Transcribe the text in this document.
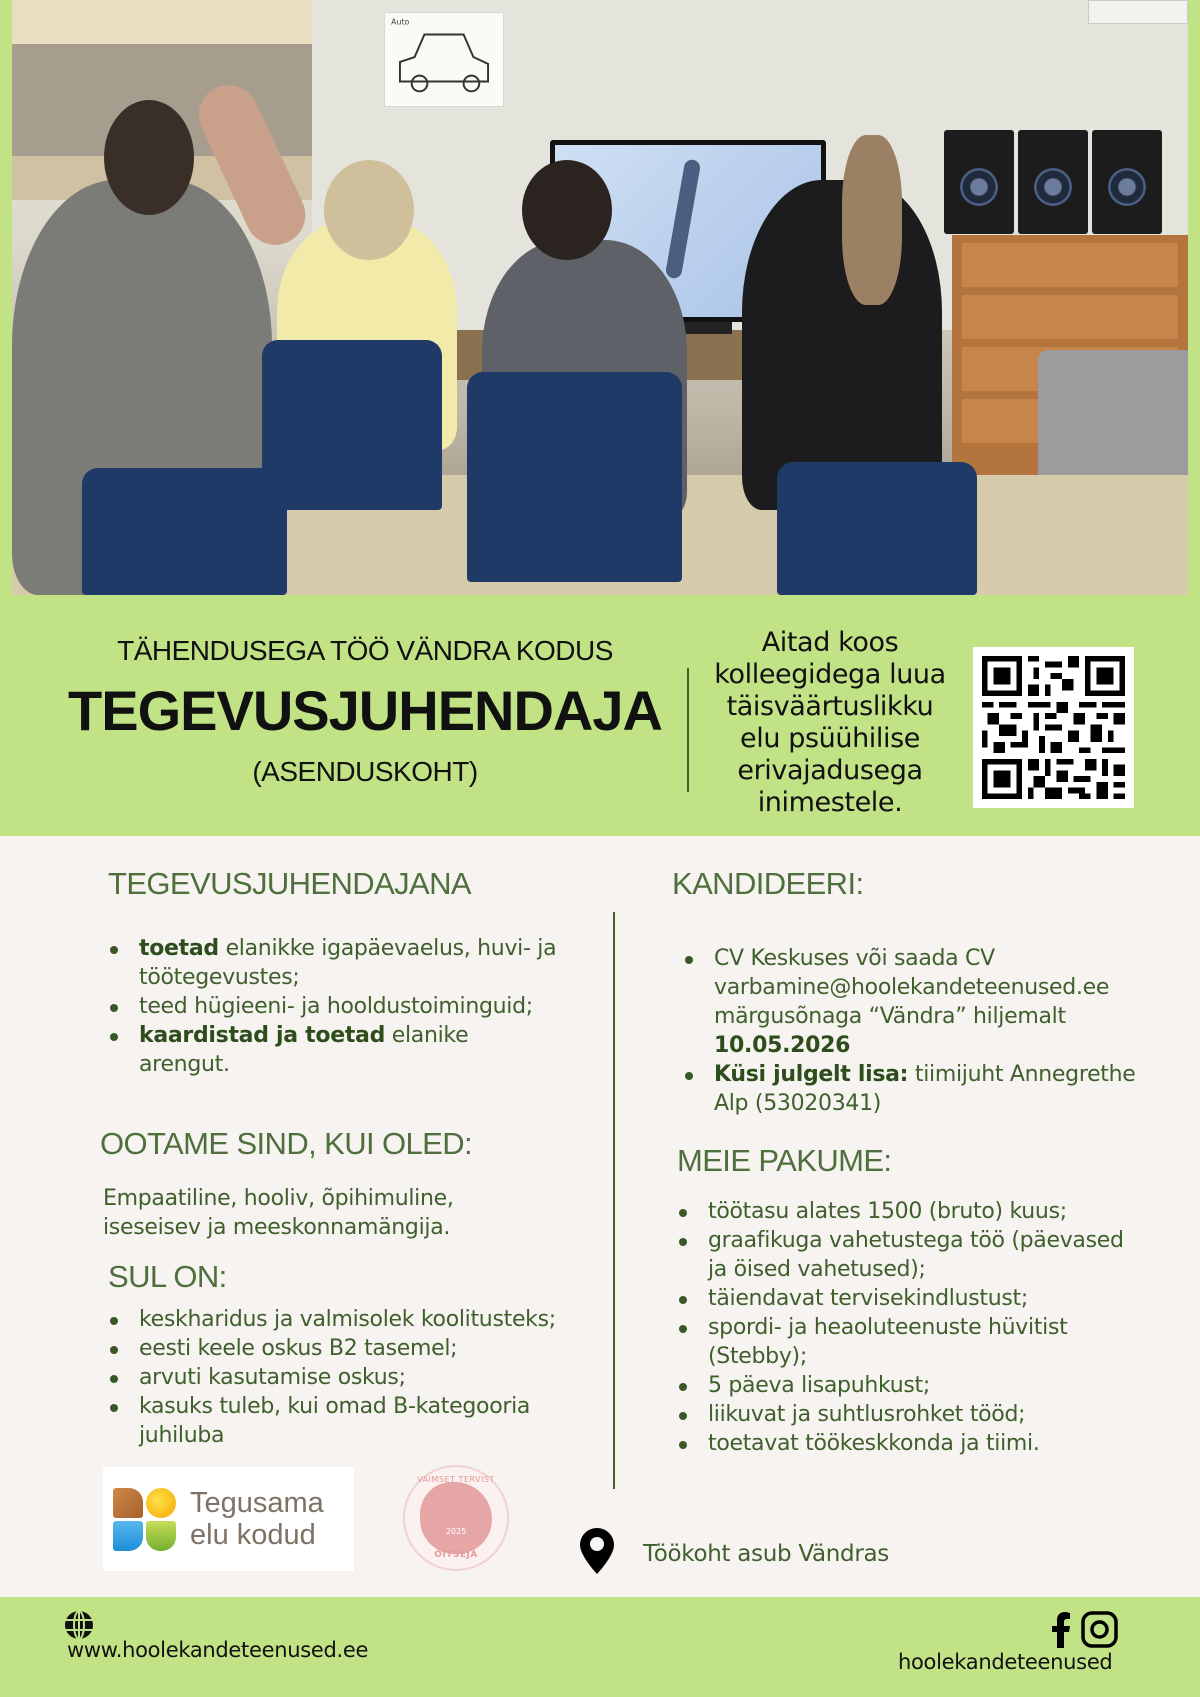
Auto
TÄHENDUSEGA TÖÖ VÄNDRA KODUS
TEGEVUSJUHENDAJA
(ASENDUSKOHT)
Aitad koos
kolleegidega luua
täisväärtuslikku
elu psüühilise
erivajadusega
inimestele.
TEGEVUSJUHENDAJANA
toetad elanikke igapäevaelus, huvi- ja töötegevustes;
teed hügieeni- ja hooldustoiminguid;
kaardistad ja toetad elanike arengut.
OOTAME SIND, KUI OLED:
Empaatiline, hooliv, õpihimuline, iseseisev ja meeskonnamängija.
SUL ON:
keskharidus ja valmisolek koolitusteks;
eesti keele oskus B2 tasemel;
arvuti kasutamise oskus;
kasuks tuleb, kui omad B-kategooria juhiluba
Tegusama
elu kodud
VAIMSET TERVIST
2025
ÕITSEJA
KANDIDEERI:
CV Keskuses või saada CV varbamine@hoolekandeteenused.ee märgusõnaga “Vändra” hiljemalt 10.05.2026
Küsi julgelt lisa: tiimijuht Annegrethe Alp (53020341)
MEIE PAKUME:
töötasu alates 1500 (bruto) kuus;
graafikuga vahetustega töö (päevased ja öised vahetused);
täiendavat tervisekindlustust;
spordi- ja heaoluteenuste hüvitist (Stebby);
5 päeva lisapuhkust;
liikuvat ja suhtlusrohket tööd;
toetavat töökeskkonda ja tiimi.
Töökoht asub Vändras
www.hoolekandeteenused.ee	hoolekandeteenused
